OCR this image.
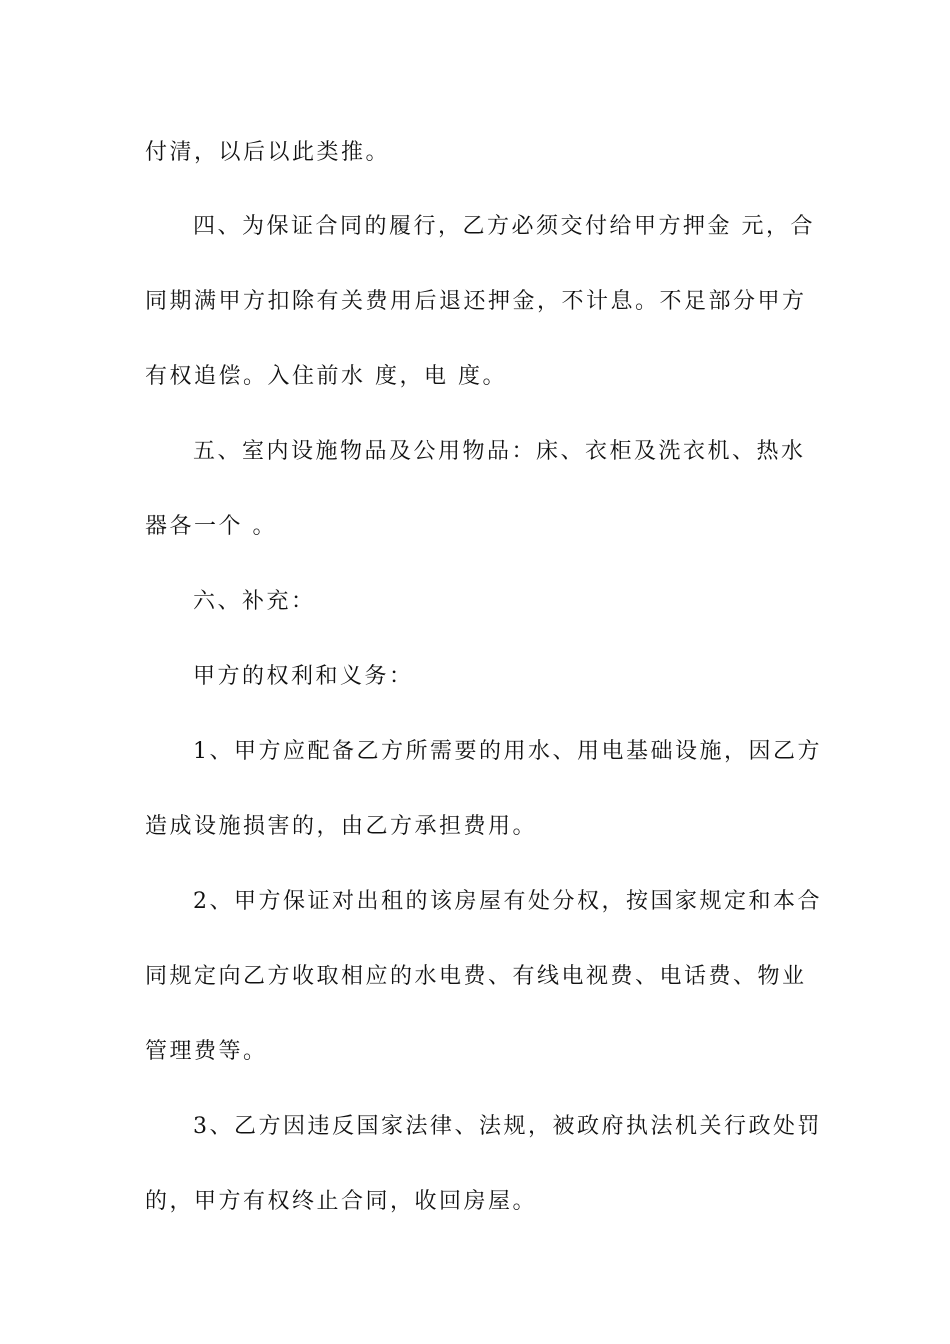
付清，以后以此类推。
四、为保证合同的履行，乙方必须交付给甲方押金 元，合
同期满甲方扣除有关费用后退还押金，不计息。不足部分甲方
有权追偿。入住前水 度，电 度。
五、室内设施物品及公用物品：床、衣柜及洗衣机、热水
器各一个 。
六、补充：
甲方的权利和义务：
1、甲方应配备乙方所需要的用水、用电基础设施，因乙方
造成设施损害的，由乙方承担费用。
2、甲方保证对出租的该房屋有处分权，按国家规定和本合
同规定向乙方收取相应的水电费、有线电视费、电话费、物业
管理费等。
3、乙方因违反国家法律、法规，被政府执法机关行政处罚
的，甲方有权终止合同，收回房屋。
